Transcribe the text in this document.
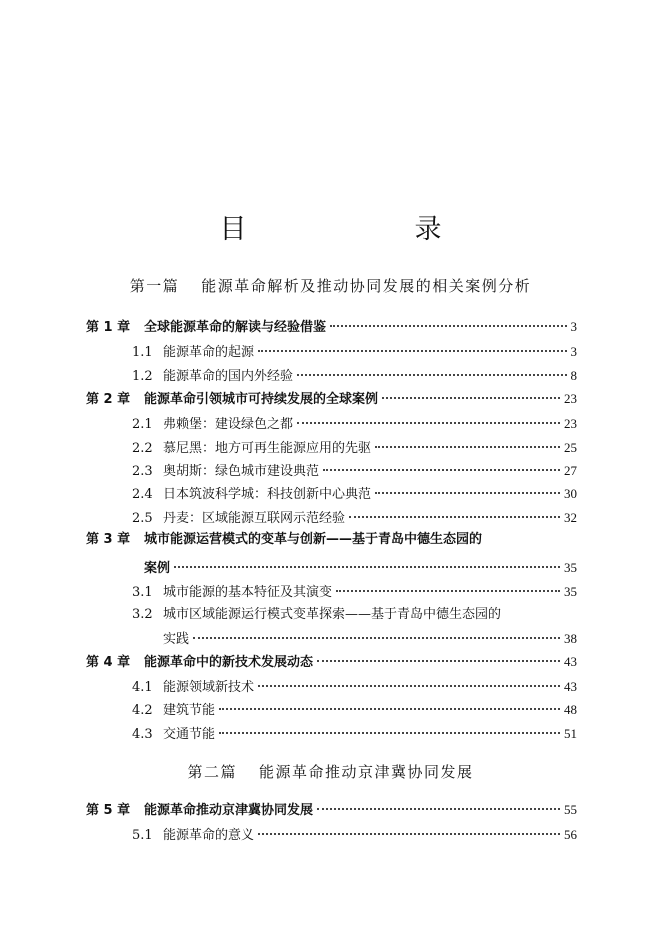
目　　录
第一篇 能源革命解析及推动协同发展的相关案例分析
第 1 章	全球能源革命的解读与经验借鉴	3
1.1 能源革命的起源	3
1.2 能源革命的国内外经验	8
第 2 章	能源革命引领城市可持续发展的全球案例	23
2.1 弗赖堡：建设绿色之都	23
2.2 慕尼黑：地方可再生能源应用的先驱	25
2.3 奥胡斯：绿色城市建设典范	27
2.4 日本筑波科学城：科技创新中心典范	30
2.5 丹麦：区域能源互联网示范经验	32
第 3 章	城市能源运营模式的变革与创新——基于青岛中德生态园的
案例	35
3.1 城市能源的基本特征及其演变	35
3.2 城市区域能源运行模式变革探索——基于青岛中德生态园的
实践	38
第 4 章	能源革命中的新技术发展动态	43
4.1 能源领域新技术	43
4.2 建筑节能	48
4.3 交通节能	51
第二篇 能源革命推动京津冀协同发展
第 5 章	能源革命推动京津冀协同发展	55
5.1 能源革命的意义	56
